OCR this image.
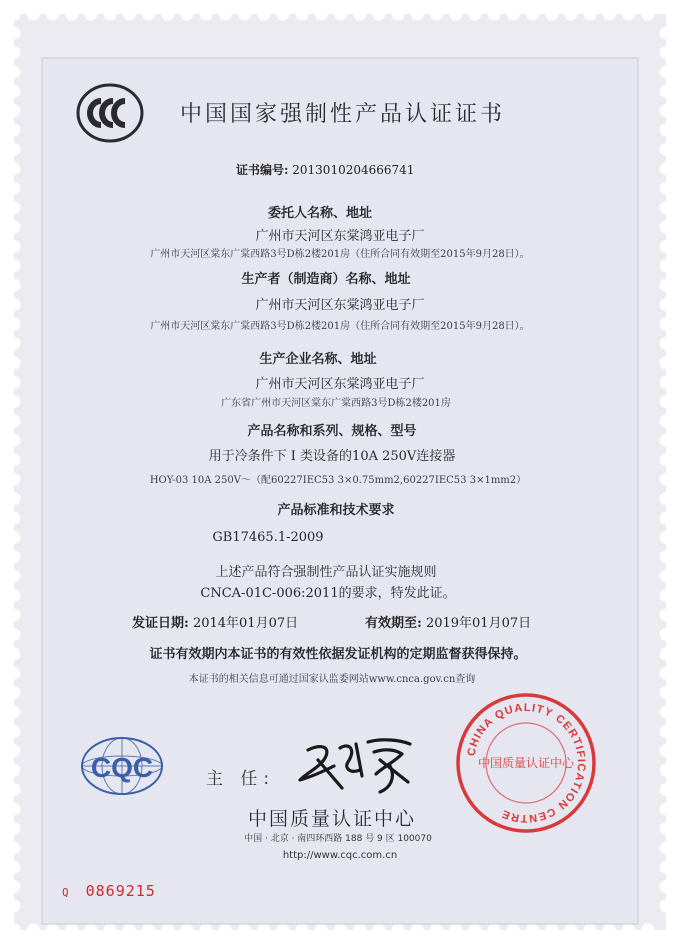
中国国家强制性产品认证证书
证书编号: 2013010204666741
委托人名称、地址
广州市天河区东棠鸿亚电子厂
广州市天河区棠东广棠西路3号D栋2楼201房（住所合同有效期至2015年9月28日）。
生产者（制造商）名称、地址
广州市天河区东棠鸿亚电子厂
广州市天河区棠东广棠西路3号D栋2楼201房（住所合同有效期至2015年9月28日）。
生产企业名称、地址
广州市天河区东棠鸿亚电子厂
广东省广州市天河区棠东广棠西路3号D栋2楼201房
产品名称和系列、规格、型号
用于冷条件下 I 类设备的10A 250V连接器
HOY-03 10A 250V～（配60227IEC53 3×0.75mm2,60227IEC53 3×1mm2）
产品标准和技术要求
GB17465.1-2009
上述产品符合强制性产品认证实施规则
CNCA-01C-006:2011的要求，特发此证。
发证日期: 2014年01月07日	有效期至: 2019年01月07日
证书有效期内本证书的有效性依据发证机构的定期监督获得保持。
本证书的相关信息可通过国家认监委网站www.cnca.gov.cn查询
CQC	主 任:
中国质量认证中心
中国 · 北京 · 南四环西路 188 号 9 区 100070
http://www.cqc.com.cn
CHINA QUALITY CERTIFICATION CENTRE
中国质量认证中心
Q 0869215
